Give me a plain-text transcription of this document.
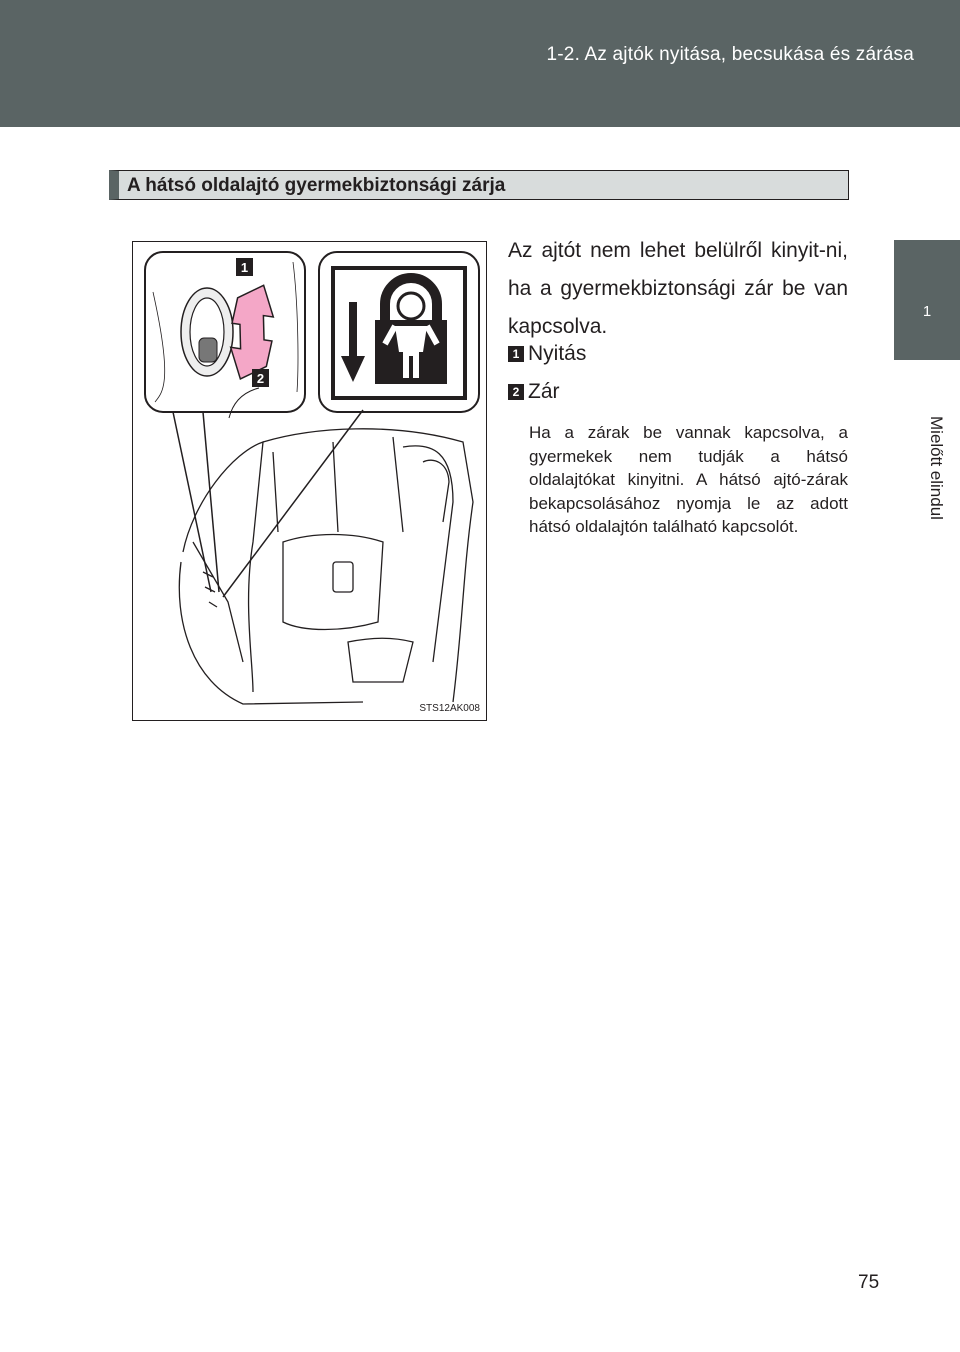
1-2. Az ajtók nyitása, becsukása és zárása
1
Mielőtt elindul
A hátsó oldalajtó gyermekbiztonsági zárja
1
2
STS12AK008
Az ajtót nem lehet belülről kinyit-ni, ha a gyermekbiztonsági zár be van kapcsolva.
1 Nyitás
2 Zár
Ha a zárak be vannak kapcsolva, a gyermekek nem tudják a hátsó oldalajtókat kinyitni. A hátsó ajtó-zárak bekapcsolásához nyomja le az adott hátsó oldalajtón található kapcsolót.
75
